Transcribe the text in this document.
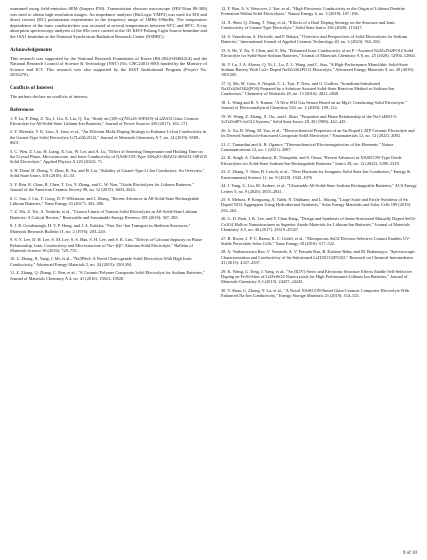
examined using field-emission SEM (Inspect F50). Transmission electron microscope (FEI-Titan 80-300) was used to obtain high-resolution images. An impedance analyzer (BioLogic VMP3) was used for EIS and direct current (DC) polarization experiments in the frequency range of 1MHz-100mHz. The temperature dependence of the ionic conductivities was accessed at several temperatures between 30°C and 80°C. X-ray absorption spectroscopy analyses of the SEs were carried at the 1D KIST-Pohang Light Source beamline and the 10A1 beamline at the National Synchrotron Radiation Research Center (NSRRC).

Acknowledgements

This research was supported by the National Research Foundation of Korea (RS-2024-00404414) and the National Research Council of Science & Technology (NST) (No. CRC24011-000) funded by the Ministry of Science and ICT. This research was also supported by the KIST Institutional Program (Project No. 2E33270).

Conflicts of Interest

The authors declare no conflicts of interest.

References

1. P. Lu, P. Ding, Z. Xu, J. Liu, X. Liu, Q. Xu, "Study on (100-x)(70Li2S·30P2S5)-xLi2ZrO3 Glass Ceramic Electrolyte for All-Solid-State Lithium-Ion Batteries," Journal of Power Sources 356 (2017): 163–171.

2. Y. Meesala, Y. K. Liao, A. Jena, et al., "An Efficient Multi-Doping Strategy to Enhance Li-Ion Conductivity in the Garnet-Type Solid Electrolyte Li7La3Zr2O12," Journal of Materials Chemistry A 7, no. 14 (2019): 8589–8601.

3. C. Wen, Z. Luo, H. Liang, X. Liu, W. Lei, and A. Lu, "Effect of Sintering Temperature and Holding Time on the Crystal Phase, Microstructure, and Ionic Conductivity of NASICON-Type 33Na2O-40ZrO2-40SiO2-10P2O5 Solid Electrolyte," Applied Physics A 128 (2022): 71.

4. H. Duan, H. Zheng, Y. Zhou, B. Xu, and H. Liu, "Stability of Garnet-Type Li Ion Conductors: An Overview," Solid State Ionics 318 (2018): 45–53.

5. Y. Ren, K. Chen, R. Chen, T. Liu, Y. Zhang, and C. W. Nan, "Oxide Electrolytes for Lithium Batteries," Journal of the American Ceramic Society 98, no. 12 (2015): 3603–3623.

6. C. Sun, J. Liu, Y. Gong, D. P. Wilkinson, and J. Zhang, "Recent Advances in All-Solid-State Rechargeable Lithium Batteries," Nano Energy 33 (2017): 363–386.

7. Z. Wu, Z. Xie, A. Yoshida, et al., "Utmost Limits of Various Solid Electrolytes in All-Solid-State Lithium Batteries: A Critical Review," Renewable and Sustainable Energy Reviews 109 (2019): 367–385.

8. J. B. Goodenough, H. Y. P. Hong, and J. A. Kafalas, "Fast Na+-Ion Transport in Skeleton Structures," Materials Research Bulletin 11, no. 2 (1976): 203–220.

9. S. Y. Lee, D. H. Lee, S. M. Lee, S. S. Han, S. H. Lee, and S. K. Lim, "Effects of Calcium Impurity on Phase Relationship, Ionic Conductivity and Microstructure of Na+-β/β"-Alumina Solid Electrolyte," Bulletin of Materials Science 39 (2016): 729–735.

10. L. Zhang, K. Yang, J. Mi, et al., "Na3PSe4: A Novel Chalcogenide Solid Electrolyte With High Ionic Conductivity," Advanced Energy Materials 5, no. 24 (2015): 1501294.

11. Z. Zhang, Q. Zhang, C. Ren, et al., "A Ceramic/Polymer Composite Solid Electrolyte for Sodium Batteries," Journal of Materials Chemistry A 4, no. 41 (2016): 15823–15828.

12. F. Han, A. S. Westover, J. Yue, et al., "High Electronic Conductivity as the Origin of Lithium Dendrite Formation Within Solid Electrolytes," Nature Energy 4, no. 3 (2019): 187–196.

13. X. Shen, Q. Zhang, T. Ning, et al., "Effects of a Dual Doping Strategy on the Structure and Ionic Conductivity of Garnet-Type Electrolyte," Solid State Ionics 356 (2020): 115427.

14. S. Vasudevan, S. Dwivedi, and P. Balaya, "Overview and Perspectives of Solid Electrolytes for Sodium Batteries," International Journal of Applied Ceramic Technology 20, no. 2 (2023): 563–584.

15. S. He, Y. Xu, Y. Chen, and X. Ma, "Enhanced Ionic Conductivity of an F−-Assisted Na3Zr2Si2PO12 Solid Electrolyte for Solid-State Sodium Batteries," Journal of Materials Chemistry A 8, no. 25 (2020): 12594–12602.

16. Y. Lu, J. A. Alonso, Q. Yi, L. Lu, Z. L. Wang, and C. Sun, "A High-Performance Monolithic Solid-State Sodium Battery With Ca2+ Doped Na3Zr2Si2PO12 Electrolyte," Advanced Energy Materials 9, no. 28 (2019): 1901205.

17. Q. Ma, M. Guin, S. Naqash, C. L. Tsai, F. Tietz, and O. Guillon, "Scandium-Substituted Na3Zr2(SiO4)2(PO4) Prepared by a Solution-Assisted Solid-State Reaction Method as Sodium-Ion Conductors," Chemistry of Materials 28, no. 13 (2016): 4821–4828.

18. L. Wang and R. V. Kumar, "A New SO2 Gas Sensor Based on an Mg2+ Conducting Solid Electrolyte," Journal of Electroanalytical Chemistry 543, no. 2 (2003): 109–114.

19. W. Wang, Z. Zhang, X. Ou., and J. Zhao, "Properties and Phase Relationship of the Na1-xH2O-3-3xTi2Si4P3-2xO12 System," Solid State Ionics 28–30 (1988): 442–445.

20. A. Xu, R. Wang, M. Yao, et al., "Electrochemical Properties of an Sn-Doped LATP Ceramic Electrolyte and Its Derived Sandwich-Structured Composite Solid Electrolyte," Nanomaterials 12, no. 12 (2022): 2082.

21. C. Tantardini and A. R. Oganov, "Thermochemical Electronegativities of the Elements," Nature Communications 12, no. 1 (2021): 2087.

22. K. Singh, A. Chakraborty, R. Thirupathi, and S. Omar, "Recent Advances in NASICON-Type Oxide Electrolytes for Solid-State Sodium-Ion Rechargeable Batteries," Ionics 28, no. 12 (2022): 5289–5319.

23. Z. Zhang, Y. Shao, B. Lotsch, et al., "New Horizons for Inorganic Solid State Ion Conductors," Energy & Environmental Science 11, no. 8 (2018): 1945–1976.

24. J. Yang, G. Liu, M. Avdeev, et al., "Ultrastable All-Solid-State Sodium Rechargeable Batteries," ACS Energy Letters 5, no. 9 (2020): 2835–2841.

25. S. Mehraz, P. Kongsong, A. Taleb, N. Dokhane, and L. Sikong, "Large Scale and Facile Synthesis of Sn Doped TiO2 Aggregates Using Hydrothermal Synthesis," Solar Energy Materials and Solar Cells 189 (2019): 254–262.

26. G. D. Park, J. K. Lee, and Y. Chan Kang, "Design and Synthesis of Janus-Structured Mutually Doped SnO2-Co3O4 Hollow Nanostructures as Superior Anode Materials for Lithium-Ion Batteries," Journal of Materials Chemistry A 5, no. 48 (2017): 25319–25327.

27. B. Roose, J. P. C. Baena, K. C. Gödel, et al., "Mesoporous SnO2 Electron Selective Contact Enables UV-Stable Perovskite Solar Cells," Nano Energy 30 (2016): 517–522.

28. A. Venkateswara Rao, V. Veeraiah, A. V. Prasada Rao, B. Kishore Babu, and M. Brahmayya, "Spectroscopic Characterization and Conductivity of Sn-Substituted Li4Ti5O12(PO4)3," Research on Chemical Intermediates 41 (2015): 4327–4337.

29. K. Wang, G. Teng, J. Yang, et al., "Sn (II,IV) Steric and Electronic Structure Effects Enable Self-Selective Doping on Fe/Si-Sites of Li2FeSiO4 Nanocrystals for High Performance Lithium Ion Batteries," Journal of Materials Chemistry A 3 (2015): 24437–24445.

30. Y. Shao, G. Zhong, Y. Lu, et al., "A Novel NASICON-Based Glass-Ceramic Composite Electrolyte With Enhanced Na-Ion Conductivity," Energy Storage Materials 23 (2019): 514–521.

9 of 10
